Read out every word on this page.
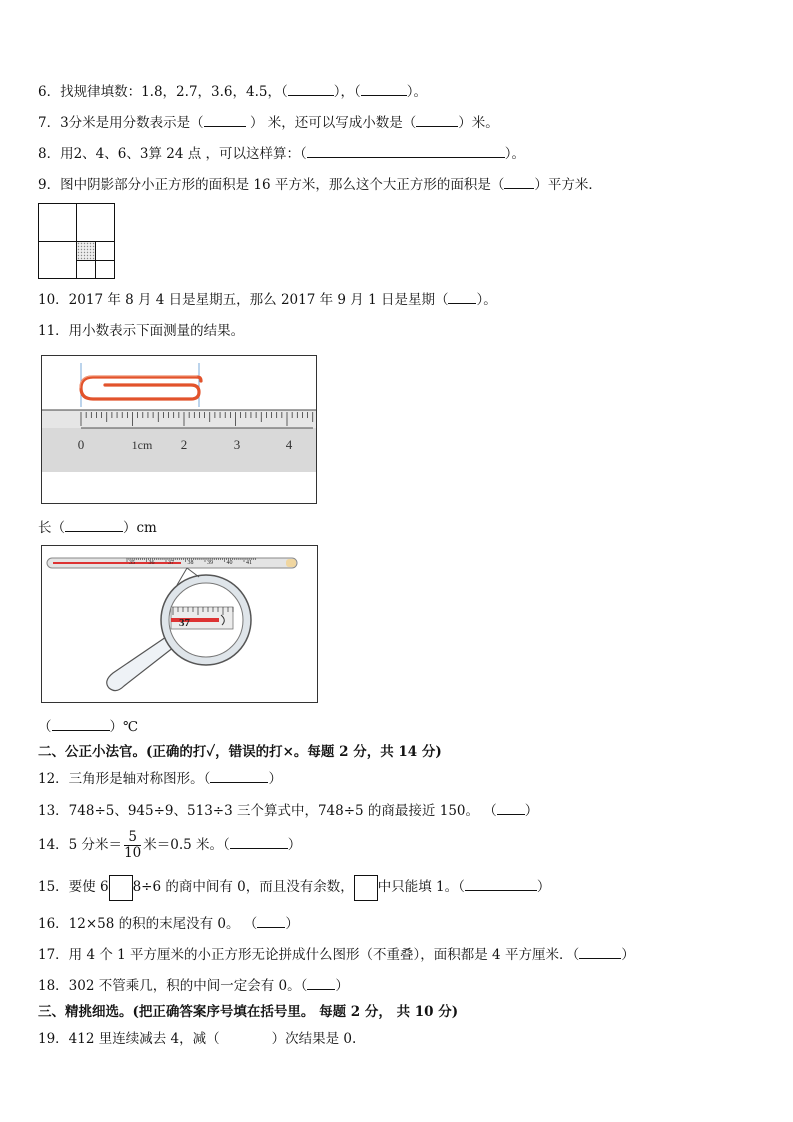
6．找规律填数：1.8，2.7，3.6，4.5，（	），（	）。
7．3分米是用分数表示是（	） 米，还可以写成小数是（	）米。
8．用2、4、6、3算 24 点 ，可以这样算：（	）。
9．图中阴影部分小正方形的面积是 16 平方米，那么这个大正方形的面积是（ ）平方米．
10．2017 年 8 月 4 日是星期五，那么 2017 年 9 月 1 日是星期（ ）。
11．用小数表示下面测量的结果。
0	1cm 2	3	4
长（	）cm
35 36 37 38 39 40 41
37
（	）℃
二、公正小法官。(正确的打✓，错误的打×。每题 2 分，共 14 分)
12．三角形是轴对称图形。（	）
13．748÷5、945÷9、513÷3 三个算式中，748÷5 的商最接近 150。 （ ）
14．5 分米＝ $\frac{5}{10}$ 米＝0.5 米。（	）
15．要使 6 8÷6 的商中间有 0，而且没有余数， 中只能填 1。（	）
16．12×58 的积的末尾没有 0。 （ ）
17．用 4 个 1 平方厘米的小正方形无论拼成什么图形（不重叠），面积都是 4 平方厘米．（	）
18．302 不管乘几，积的中间一定会有 0。（ ）
三、精挑细选。(把正确答案序号填在括号里。 每题 2 分， 共 10 分)
19．412 里连续减去 4，减（	）次结果是 0.
